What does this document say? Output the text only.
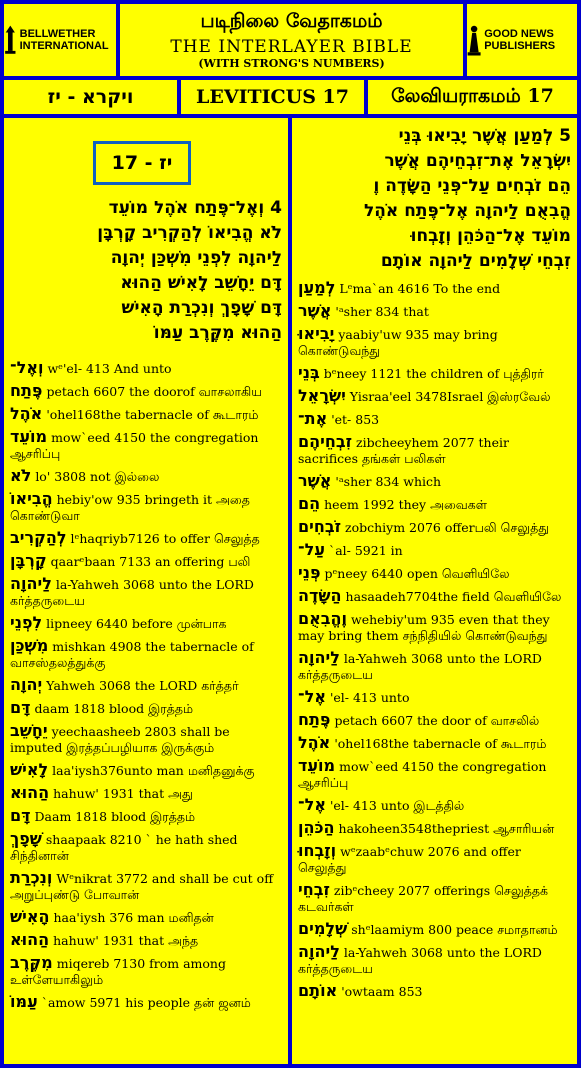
BELLWETHER INTERNATIONAL
படிநிலை வேதாகமம்
THE INTERLAYER BIBLE
(WITH STRONG'S NUMBERS)
GOOD NEWS PUBLISHERS
ויקרא - יז	LEVITICUS 17 லேவியராகமம் 17
4 וְאֶל־פֶּתַח אֹהֶל מוֹעֵד
לֹא הֱבִיאוֹ לְהַקְרִיב קָרְבָּן
לַיהוָה לִפְנֵי מִשְׁכַּן יְהוָה
דָּם יֵחָשֵׁב לָאִישׁ הַהוּא
דָּם שָׁפָךְ וְנִכְרַת הָאִישׁ
הַהוּא מִקֶּרֶב עַמּוֹ
וְאֶל־ wᵉ'el- 413 And unto
פֶּתַח petach 6607 the doorof வாசலாகிய
אֹהֶל 'ohel168the tabernacle of கூடாரம்
מוֹעֵד mow`eed 4150 the congregation ஆசரிப்பு
לֹא lo' 3808 not இல்லை
הֱבִיאוֹ hebiy'ow 935 bringeth it அதை கொண்டுவா
לְהַקְרִיב lᵉhaqriyb7126 to offer செலுத்த
קָרְבָּן qaarᵉbaan 7133 an offering பலி
לַיהוָה la-Yahweh 3068 unto the LORD கர்த்தருடைய
לִפְנֵי lipneey 6440 before முன்பாக
מִשְׁכַּן mishkan 4908 the tabernacle of வாசஸ்தலத்துக்கு
יְהוָה Yahweh 3068 the LORD கர்த்தர்
דָּם daam 1818 blood இரத்தம்
יֵחָשֵׁב yeechaasheeb 2803 shall be imputed இரத்தப்பழியாக இருக்கும்
לָאִישׁ laa'iysh376unto man மனிதனுக்கு
הַהוּא hahuw' 1931 that அது
דָּם Daam 1818 blood இரத்தம்
שָׁפָךְ shaapaak 8210 ` he hath shed சிந்தினான்
וְנִכְרַת Wᵉnikrat 3772 and shall be cut off அறுப்புண்டு போவான்
הָאִישׁ haa'iysh 376 man மனிதன்
הַהוּא hahuw' 1931 that அந்த
מִקֶּרֶב miqereb 7130 from among உள்ளேயாகிலும்
עַמּוֹ `amow 5971 his people தன் ஜனம்
יז - 17
5 לְמַעַן אֲשֶׁר יָבִיאוּ בְּנֵי
יִשְׂרָאֵל אֶת־זִבְחֵיהֶם אֲשֶׁר
הֵם זֹבְחִים עַל־פְּנֵי הַשָּׂדֶה וֶ
הֱבִאֻם לַיהוָה אֶל־פֶּתַח אֹהֶל
מוֹעֵד אֶל־הַכֹּהֵן וְזָבְחוּ
זִבְחֵי שְׁלָמִים לַיהוָה אוֹתָם
לְמַעַן Lᵉma`an 4616 To the end
אֲשֶׁר 'ᵃsher 834 that
יָבִיאוּ yaabiy'uw 935 may bring கொண்டுவந்து
בְּנֵי bᵉneey 1121 the children of புத்திரர்
יִשְׂרָאֵל Yisraa'eel 3478Israel இஸ்ரவேல்
אֶת־ 'et- 853
זִבְחֵיהֶם zibcheeyhem 2077 their sacrifices தங்கள் பலிகள்
אֲשֶׁר 'ᵃsher 834 which
הֵם heem 1992 they அவைகள்
זֹבְחִים zobchiym 2076 offerபலி செலுத்து
עַל־ `al- 5921 in
פְּנֵי pᵉneey 6440 open வெளியிலே
הַשָּׂדֶה hasaadeh7704the field வெளியிலே
וֶהֱבִאֻם wehebiy'um 935 even that they may bring them சந்நிதியில் கொண்டுவந்து
לַיהוָה la-Yahweh 3068 unto the LORD கர்த்தருடைய
אֶל־ 'el- 413 unto
פֶּתַח petach 6607 the door of வாசலில்
אֹהֶל 'ohel168the tabernacle of கூடாரம்
מוֹעֵד mow`eed 4150 the congregation ஆசரிப்பு
אֶל־ 'el- 413 unto இடத்தில்
הַכֹּהֵן hakoheen3548thepriest ஆசாரியன்
וְזָבְחוּ wᵉzaabᵉchuw 2076 and offer செலுத்து
זִבְחֵי zibᵉcheey 2077 offerings செலுத்தக் கடவர்கள்
שְׁלָמִים shᵉlaamiym 800 peace சமாதானம்
לַיהוָה la-Yahweh 3068 unto the LORD கர்த்தருடைய
אוֹתָם 'owtaam 853
